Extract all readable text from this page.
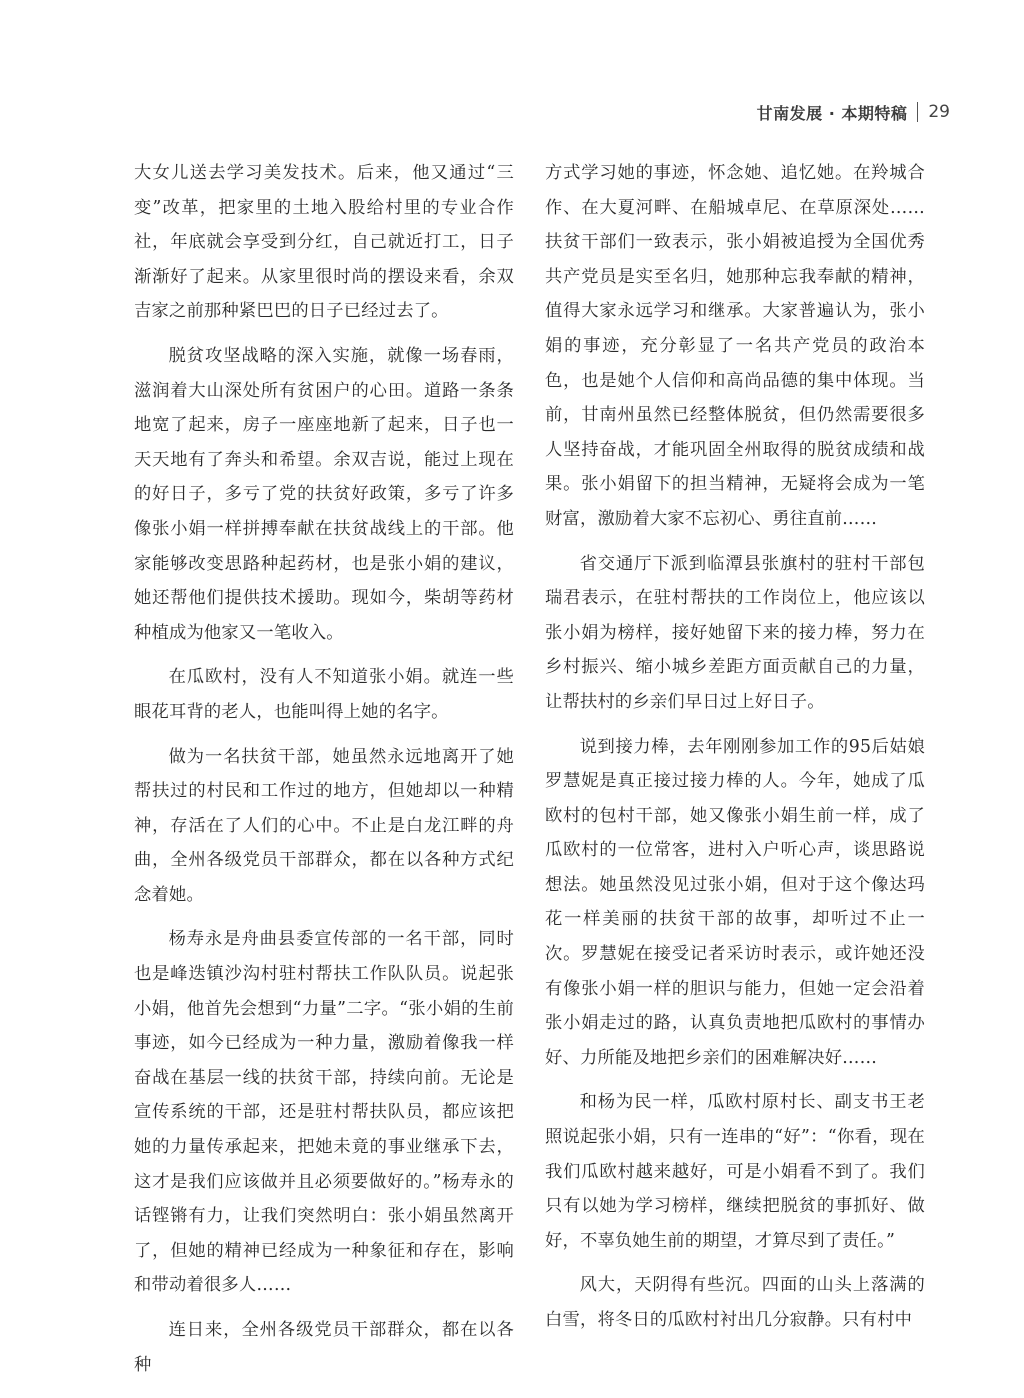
甘南发展 · 本期特稿 29

大女儿送去学习美发技术。后来，他又通过“三变”改革，把家里的土地入股给村里的专业合作社，年底就会享受到分红，自己就近打工，日子渐渐好了起来。从家里很时尚的摆设来看，余双吉家之前那种紧巴巴的日子已经过去了。

脱贫攻坚战略的深入实施，就像一场春雨，滋润着大山深处所有贫困户的心田。道路一条条地宽了起来，房子一座座地新了起来，日子也一天天地有了奔头和希望。余双吉说，能过上现在的好日子，多亏了党的扶贫好政策，多亏了许多像张小娟一样拼搏奉献在扶贫战线上的干部。他家能够改变思路种起药材，也是张小娟的建议，她还帮他们提供技术援助。现如今，柴胡等药材种植成为他家又一笔收入。

在瓜欧村，没有人不知道张小娟。就连一些眼花耳背的老人，也能叫得上她的名字。

做为一名扶贫干部，她虽然永远地离开了她帮扶过的村民和工作过的地方，但她却以一种精神，存活在了人们的心中。不止是白龙江畔的舟曲，全州各级党员干部群众，都在以各种方式纪念着她。

杨寿永是舟曲县委宣传部的一名干部，同时也是峰迭镇沙沟村驻村帮扶工作队队员。说起张小娟，他首先会想到“力量”二字。“张小娟的生前事迹，如今已经成为一种力量，激励着像我一样奋战在基层一线的扶贫干部，持续向前。无论是宣传系统的干部，还是驻村帮扶队员，都应该把她的力量传承起来，把她未竟的事业继承下去，这才是我们应该做并且必须要做好的。”杨寿永的话铿锵有力，让我们突然明白：张小娟虽然离开了，但她的精神已经成为一种象征和存在，影响和带动着很多人……

连日来，全州各级党员干部群众，都在以各种

方式学习她的事迹，怀念她、追忆她。在羚城合作、在大夏河畔、在船城卓尼、在草原深处……扶贫干部们一致表示，张小娟被追授为全国优秀共产党员是实至名归，她那种忘我奉献的精神，值得大家永远学习和继承。大家普遍认为，张小娟的事迹，充分彰显了一名共产党员的政治本色，也是她个人信仰和高尚品德的集中体现。当前，甘南州虽然已经整体脱贫，但仍然需要很多人坚持奋战，才能巩固全州取得的脱贫成绩和战果。张小娟留下的担当精神，无疑将会成为一笔财富，激励着大家不忘初心、勇往直前……

省交通厅下派到临潭县张旗村的驻村干部包瑞君表示，在驻村帮扶的工作岗位上，他应该以张小娟为榜样，接好她留下来的接力棒，努力在乡村振兴、缩小城乡差距方面贡献自己的力量，让帮扶村的乡亲们早日过上好日子。

说到接力棒，去年刚刚参加工作的95后姑娘罗慧妮是真正接过接力棒的人。今年，她成了瓜欧村的包村干部，她又像张小娟生前一样，成了瓜欧村的一位常客，进村入户听心声，谈思路说想法。她虽然没见过张小娟，但对于这个像达玛花一样美丽的扶贫干部的故事，却听过不止一次。罗慧妮在接受记者采访时表示，或许她还没有像张小娟一样的胆识与能力，但她一定会沿着张小娟走过的路，认真负责地把瓜欧村的事情办好、力所能及地把乡亲们的困难解决好……

和杨为民一样，瓜欧村原村长、副支书王老照说起张小娟，只有一连串的“好”：“你看，现在我们瓜欧村越来越好，可是小娟看不到了。我们只有以她为学习榜样，继续把脱贫的事抓好、做好，不辜负她生前的期望，才算尽到了责任。”

风大，天阴得有些沉。四面的山头上落满的白雪，将冬日的瓜欧村衬出几分寂静。只有村中
